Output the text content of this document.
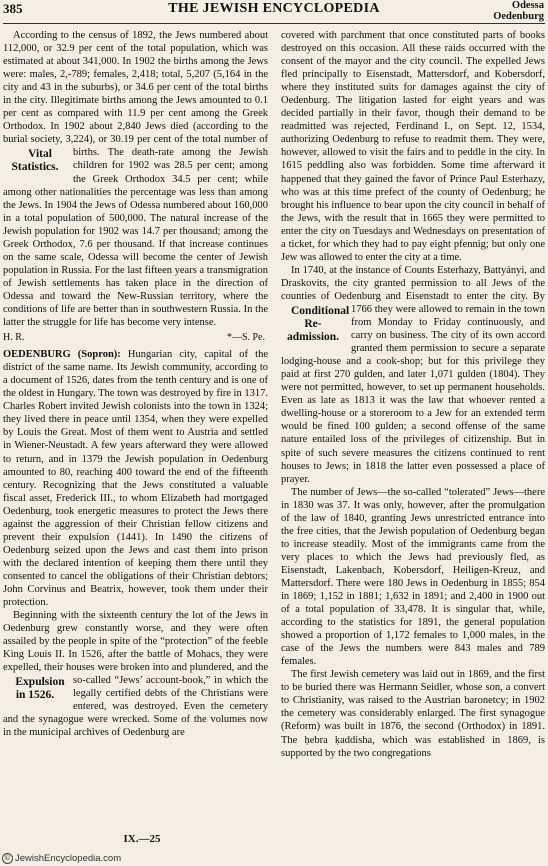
385	THE JEWISH ENCYCLOPEDIA	Odessa
Oedenburg

According to the census of 1892, the Jews numbered about 112,000, or 32.9 per cent of the total population, which was estimated at about 341,000. In 1902 the births among the Jews were: males, 2,-789; females, 2,418; total, 5,207 (5,164 in the city and 43 in the suburbs), or 34.6 per cent of the total births in the city. Illegitimate births among the Jews amounted to 0.1 per cent as compared with 11.9 per cent among the Greek Orthodox. In 1902 about 2,840 Jews died (according to the burial society, 3,224), or 30.19 per cent of the total number of births.
Vital Statistics.
The death-rate among the Jewish children for 1902 was 28.5 per cent; among the Greek Orthodox 34.5 per cent; while among other nationalities the percentage was less than among the Jews. In 1904 the Jews of Odessa numbered about 160,000 in a total population of 500,000. The natural increase of the Jewish population for 1902 was 14.7 per thousand; among the Greek Orthodox, 7.6 per thousand. If that increase continues on the same scale, Odessa will become the center of Jewish population in Russia. For the last fifteen years a transmigration of Jewish settlements has taken place in the direction of Odessa and toward the New-Russian territory, where the conditions of life are better than in southwestern Russia. In the latter the struggle for life has become very intense.

H. R.	*—S. Pe.

OEDENBURG (Sopron): Hungarian city, capital of the district of the same name. Its Jewish community, according to a document of 1526, dates from the tenth century and is one of the oldest in Hungary. The town was destroyed by fire in 1317. Charles Robert invited Jewish colonists into the town in 1324; they lived there in peace until 1354, when they were expelled by Louis the Great. Most of them went to Austria and settled in Wiener-Neustadt. A few years afterward they were allowed to return, and in 1379 the Jewish population in Oedenburg amounted to 80, reaching 400 toward the end of the fifteenth century. Recognizing that the Jews constituted a valuable fiscal asset, Frederick III., to whom Elizabeth had mortgaged Oedenburg, took energetic measures to protect the Jews there against the aggression of their Christian fellow citizens and prevent their expulsion (1441). In 1490 the citizens of Oedenburg seized upon the Jews and cast them into prison with the declared intention of keeping them there until they consented to cancel the obligations of their Christian debtors; John Corvinus and Beatrix, however, took them under their protection.

Beginning with the sixteenth century the lot of the Jews in Oedenburg grew constantly worse, and they were often assailed by the people in spite of the “protection” of the feeble King Louis II. In 1526, after the battle of Mohacs, they were expelled, their houses were broken into and plundered, and
Expulsion in 1526.
the so-called “Jews’ account-book,” in which the legally certified debts of the Christians were entered, was destroyed. Even the cemetery and the synagogue were wrecked. Some of the volumes now in the municipal archives of Oedenburg are

covered with parchment that once constituted parts of books destroyed on this occasion. All these raids occurred with the consent of the mayor and the city council. The expelled Jews fled principally to Eisenstadt, Mattersdorf, and Kobersdorf, where they instituted suits for damages against the city of Oedenburg. The litigation lasted for eight years and was decided partially in their favor, though their demand to be readmitted was rejected, Ferdinand I., on Sept. 12, 1534, authorizing Oedenburg to refuse to readmit them. They were, however, allowed to visit the fairs and to peddle in the city. In 1615 peddling also was forbidden. Some time afterward it happened that they gained the favor of Prince Paul Esterhazy, who was at this time prefect of the county of Oedenburg; he brought his influence to bear upon the city council in behalf of the Jews, with the result that in 1665 they were permitted to enter the city on Tuesdays and Wednesdays on presentation of a ticket, for which they had to pay eight pfennig; but only one Jew was allowed to enter the city at a time.

In 1740, at the instance of Counts Esterhazy, Battyányi, and Draskovits, the city granted permission to all Jews of the counties of Oedenburg and Eisenstadt to enter the city. By
Conditional Re-admission.
1766 they were allowed to remain in the town from Monday to Friday continuously, and carry on business. The city of its own accord granted them permission to secure a separate lodging-house and a cook-shop; but for this privilege they paid at first 270 gulden, and later 1,071 gulden (1804). They were not permitted, however, to set up permanent households. Even as late as 1813 it was the law that whoever rented a dwelling-house or a storeroom to a Jew for an extended term would be fined 100 gulden; a second offense of the same nature entailed loss of the privileges of citizenship. But in spite of such severe measures the citizens continued to rent houses to Jews; in 1818 the latter even possessed a place of prayer.

The number of Jews—the so-called “tolerated” Jews—there in 1830 was 37. It was only, however, after the promulgation of the law of 1840, granting Jews unrestricted entrance into the free cities, that the Jewish population of Oedenburg began to increase steadily. Most of the immigrants came from the very places to which the Jews had previously fled, as Eisenstadt, Lakenbach, Kobersdorf, Heiligen-Kreuz, and Mattersdorf. There were 180 Jews in Oedenburg in 1855; 854 in 1869; 1,152 in 1881; 1,632 in 1891; and 2,400 in 1900 out of a total population of 33,478. It is singular that, while, according to the statistics for 1891, the general population showed a proportion of 1,172 females to 1,000 males, in the case of the Jews the numbers were 843 males and 789 females.

The first Jewish cemetery was laid out in 1869, and the first to be buried there was Hermann Seidler, whose son, a convert to Christianity, was raised to the Austrian baronetcy; in 1902 the cemetery was considerably enlarged. The first synagogue (Reform) was built in 1876, the second (Orthodox) in 1891. The ḥebra ḳaddisha, which was established in 1869, is supported by the two congregations

IX.—25
© JewishEncyclopedia.com
